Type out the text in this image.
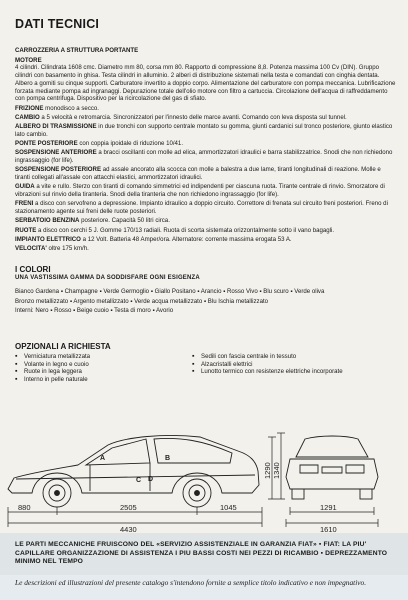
DATI TECNICI
CARROZZERIA A STRUTTURA PORTANTE
MOTORE
4 cilindri. Cilindrata 1608 cmc. Diametro mm 80, corsa mm 80. Rapporto di compressione 8,8. Potenza massima 100 Cv (DIN). Gruppo cilindri con basamento in ghisa. Testa cilindri in alluminio. 2 alberi di distribuzione sistemati nella testa e comandati con cinghia dentata. Albero a gomiti su cinque supporti. Carburatore invertito a doppio corpo. Alimentazione del carburatore con pompa meccanica. Lubrificazione forzata mediante pompa ad ingranaggi. Depurazione totale dell'olio motore con filtro a cartuccia. Circolazione dell'acqua di raffreddamento con pompa centrifuga. Dispositivo per la ricircolazione del gas di sfiato.
FRIZIONE monodisco a secco.
CAMBIO a 5 velocità e retromarcia. Sincronizzatori per l'innesto delle marce avanti. Comando con leva disposta sul tunnel.
ALBERO DI TRASMISSIONE in due tronchi con supporto centrale montato su gomma, giunti cardanici sul tronco posteriore, giunto elastico lato cambio.
PONTE POSTERIORE con coppia ipoidale di riduzione 10/41.
SOSPENSIONE ANTERIORE a bracci oscillanti con molle ad elica, ammortizzatori idraulici e barra stabilizzatrice. Snodi che non richiedono ingrassaggio (for life).
SOSPENSIONE POSTERIORE ad assale ancorato alla scocca con molle a balestra a due lame, tiranti longitudinali di reazione. Molle e tiranti collegati all'assale con attacchi elastici, ammortizzatori idraulici.
GUIDA a vite e rullo. Sterzo con tiranti di comando simmetrici ed indipendenti per ciascuna ruota. Tirante centrale di rinvio. Smorzatore di vibrazioni sul rinvio della tiranteria. Snodi della tiranteria che non richiedono ingrassaggio (for life).
FRENI a disco con servofreno a depressione. Impianto idraulico a doppio circuito. Correttore di frenata sul circuito freni posteriori. Freno di stazionamento agente sui freni delle ruote posteriori.
SERBATOIO BENZINA posteriore. Capacità 50 litri circa.
RUOTE a disco con cerchi 5 J. Gomme 170/13 radiali. Ruota di scorta sistemata orizzontalmente sotto il vano bagagli.
IMPIANTO ELETTRICO a 12 Volt. Batteria 48 Amper/ora. Alternatore: corrente massima erogata 53 A.
VELOCITA' oltre 175 km/h.
I COLORI
UNA VASTISSIMA GAMMA DA SODDISFARE OGNI ESIGENZA
Bianco Gardena ▪ Champagne ▪ Verde Germoglio ▪ Giallo Positano ▪ Arancio ▪ Rosso Vivo ▪ Blu scuro ▪ Verde oliva
Bronzo metallizzato ▪ Argento metallizzato ▪ Verde acqua metallizzato ▪ Blu Ischia metallizzato
Interni: Nero ▪ Rosso ▪ Beige cuoio ▪ Testa di moro ▪ Avorio
OPZIONALI A RICHIESTA
▪ Verniciatura metallizzata
▪ Volante in legno e cuoio
▪ Ruote in lega leggera
▪ Interno in pelle naturale
▪ Sedili con fascia centrale in tessuto
▪ Alzacristalli elettrici
▪ Lunotto termico con resistenze elettriche incorporate
A	B
C D
880	2505	1045
4430
1291
1610
1290 1340
LE PARTI MECCANICHE FRUISCONO DEL «SERVIZIO ASSISTENZIALE IN GARANZIA FIAT» ▪ FIAT: LA PIU' CAPILLARE ORGANIZZAZIONE DI ASSISTENZA I PIU BASSI COSTI NEI PEZZI DI RICAMBIO ▪ DEPREZZAMENTO MINIMO NEL TEMPO
Le descrizioni ed illustrazioni del presente catalogo s'intendono fornite a semplice titolo indicativo e non impegnativo.
